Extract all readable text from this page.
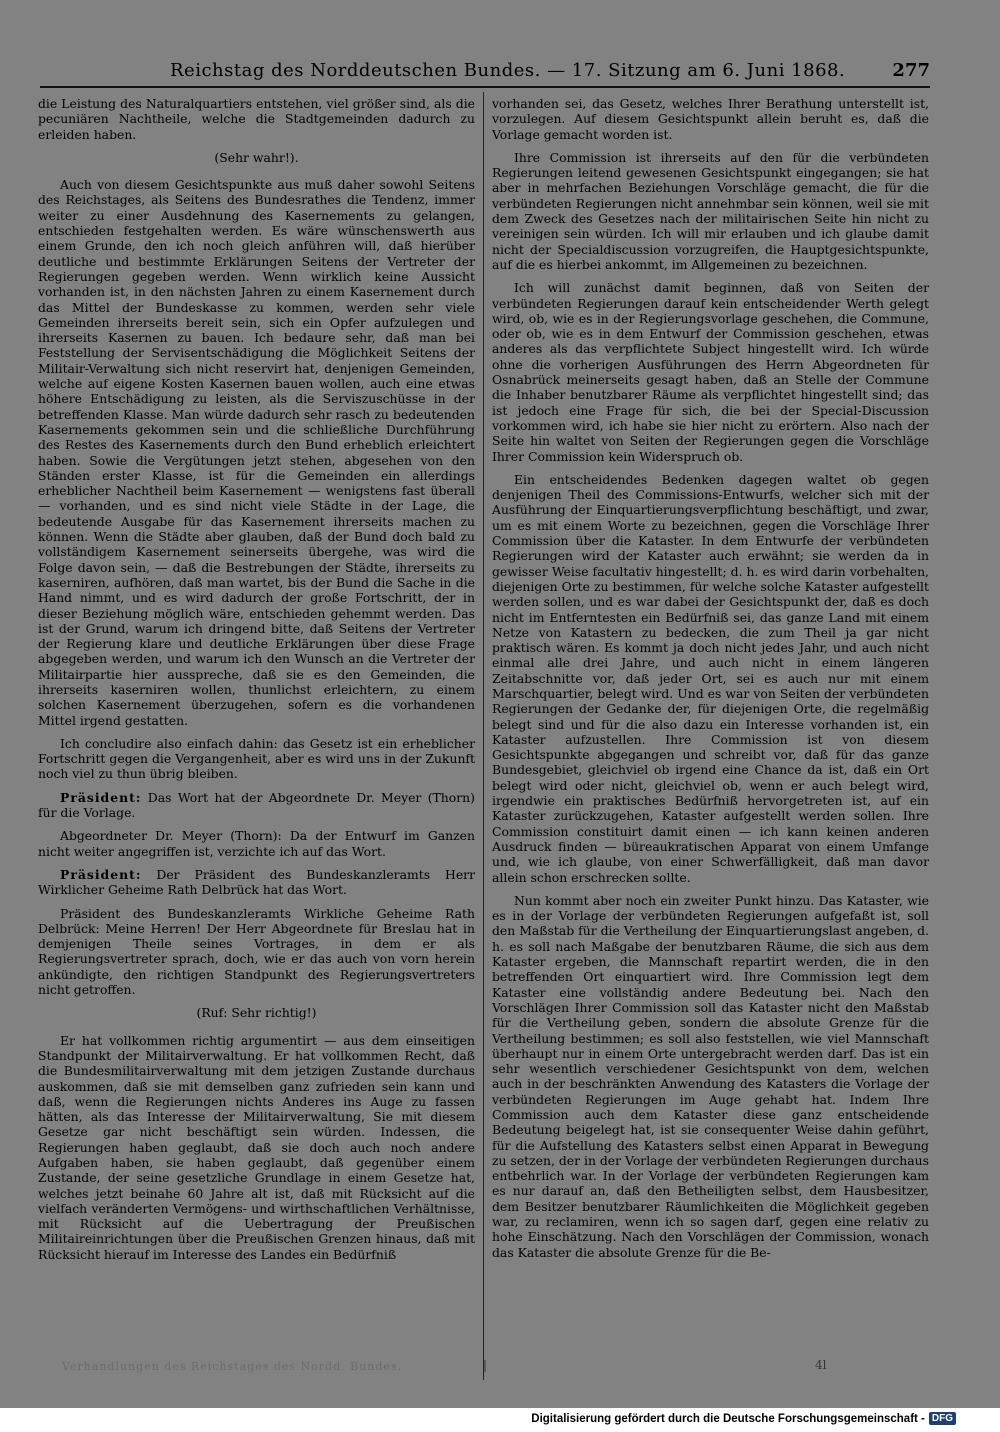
Reichstag des Norddeutschen Bundes. — 17. Sitzung am 6. Juni 1868.	277

die Leistung des Naturalquartiers entstehen, viel größer sind, als die pecuniären Nachtheile, welche die Stadtgemeinden dadurch zu erleiden haben.

(Sehr wahr!).

Auch von diesem Gesichtspunkte aus muß daher sowohl Seitens des Reichstages, als Seitens des Bundesrathes die Tendenz, immer weiter zu einer Ausdehnung des Kasernements zu gelangen, entschieden festgehalten werden. Es wäre wünschenswerth aus einem Grunde, den ich noch gleich anführen will, daß hierüber deutliche und bestimmte Erklärungen Seitens der Vertreter der Regierungen gegeben werden. Wenn wirklich keine Aussicht vorhanden ist, in den nächsten Jahren zu einem Kasernement durch das Mittel der Bundeskasse zu kommen, werden sehr viele Gemeinden ihrerseits bereit sein, sich ein Opfer aufzulegen und ihrerseits Kasernen zu bauen. Ich bedaure sehr, daß man bei Feststellung der Servisentschädigung die Möglichkeit Seitens der Militair-Verwaltung sich nicht reservirt hat, denjenigen Gemeinden, welche auf eigene Kosten Kasernen bauen wollen, auch eine etwas höhere Entschädigung zu leisten, als die Serviszuschüsse in der betreffenden Klasse. Man würde dadurch sehr rasch zu bedeutenden Kasernements gekommen sein und die schließliche Durchführung des Restes des Kasernements durch den Bund erheblich erleichtert haben. Sowie die Vergütungen jetzt stehen, abgesehen von den Ständen erster Klasse, ist für die Gemeinden ein allerdings erheblicher Nachtheil beim Kasernement — wenigstens fast überall — vorhanden, und es sind nicht viele Städte in der Lage, die bedeutende Ausgabe für das Kasernement ihrerseits machen zu können. Wenn die Städte aber glauben, daß der Bund doch bald zu vollständigem Kasernement seinerseits übergehe, was wird die Folge davon sein, — daß die Bestrebungen der Städte, ihrerseits zu kaserniren, aufhören, daß man wartet, bis der Bund die Sache in die Hand nimmt, und es wird dadurch der große Fortschritt, der in dieser Beziehung möglich wäre, entschieden gehemmt werden. Das ist der Grund, warum ich dringend bitte, daß Seitens der Vertreter der Regierung klare und deutliche Erklärungen über diese Frage abgegeben werden, und warum ich den Wunsch an die Vertreter der Militairpartie hier ausspreche, daß sie es den Gemeinden, die ihrerseits kaserniren wollen, thunlichst erleichtern, zu einem solchen Kasernement überzugehen, sofern es die vorhandenen Mittel irgend gestatten.

Ich concludire also einfach dahin: das Gesetz ist ein erheblicher Fortschritt gegen die Vergangenheit, aber es wird uns in der Zukunft noch viel zu thun übrig bleiben.

Präsident: Das Wort hat der Abgeordnete Dr. Meyer (Thorn) für die Vorlage.

Abgeordneter Dr. Meyer (Thorn): Da der Entwurf im Ganzen nicht weiter angegriffen ist, verzichte ich auf das Wort.

Präsident: Der Präsident des Bundeskanzleramts Herr Wirklicher Geheime Rath Delbrück hat das Wort.

Präsident des Bundeskanzleramts Wirkliche Geheime Rath Delbrück: Meine Herren! Der Herr Abgeordnete für Breslau hat in demjenigen Theile seines Vortrages, in dem er als Regierungsvertreter sprach, doch, wie er das auch von vorn herein ankündigte, den richtigen Standpunkt des Regierungsvertreters nicht getroffen.

(Ruf: Sehr richtig!)

Er hat vollkommen richtig argumentirt — aus dem einseitigen Standpunkt der Militairverwaltung. Er hat vollkommen Recht, daß die Bundesmilitairverwaltung mit dem jetzigen Zustande durchaus auskommen, daß sie mit demselben ganz zufrieden sein kann und daß, wenn die Regierungen nichts Anderes ins Auge zu fassen hätten, als das Interesse der Militairverwaltung, Sie mit diesem Gesetze gar nicht beschäftigt sein würden. Indessen, die Regierungen haben geglaubt, daß sie doch auch noch andere Aufgaben haben, sie haben geglaubt, daß gegenüber einem Zustande, der seine gesetzliche Grundlage in einem Gesetze hat, welches jetzt beinahe 60 Jahre alt ist, daß mit Rücksicht auf die vielfach veränderten Vermögens- und wirthschaftlichen Verhältnisse, mit Rücksicht auf die Uebertragung der Preußischen Militaireinrichtungen über die Preußischen Grenzen hinaus, daß mit Rücksicht hierauf im Interesse des Landes ein Bedürfniß

vorhanden sei, das Gesetz, welches Ihrer Berathung unterstellt ist, vorzulegen. Auf diesem Gesichtspunkt allein beruht es, daß die Vorlage gemacht worden ist.

Ihre Commission ist ihrerseits auf den für die verbündeten Regierungen leitend gewesenen Gesichtspunkt eingegangen; sie hat aber in mehrfachen Beziehungen Vorschläge gemacht, die für die verbündeten Regierungen nicht annehmbar sein können, weil sie mit dem Zweck des Gesetzes nach der militairischen Seite hin nicht zu vereinigen sein würden. Ich will mir erlauben und ich glaube damit nicht der Specialdiscussion vorzugreifen, die Hauptgesichtspunkte, auf die es hierbei ankommt, im Allgemeinen zu bezeichnen.

Ich will zunächst damit beginnen, daß von Seiten der verbündeten Regierungen darauf kein entscheidender Werth gelegt wird, ob, wie es in der Regierungsvorlage geschehen, die Commune, oder ob, wie es in dem Entwurf der Commission geschehen, etwas anderes als das verpflichtete Subject hingestellt wird. Ich würde ohne die vorherigen Ausführungen des Herrn Abgeordneten für Osnabrück meinerseits gesagt haben, daß an Stelle der Commune die Inhaber benutzbarer Räume als verpflichtet hingestellt sind; das ist jedoch eine Frage für sich, die bei der Special-Discussion vorkommen wird, ich habe sie hier nicht zu erörtern. Also nach der Seite hin waltet von Seiten der Regierungen gegen die Vorschläge Ihrer Commission kein Widerspruch ob.

Ein entscheidendes Bedenken dagegen waltet ob gegen denjenigen Theil des Commissions-Entwurfs, welcher sich mit der Ausführung der Einquartierungsverpflichtung beschäftigt, und zwar, um es mit einem Worte zu bezeichnen, gegen die Vorschläge Ihrer Commission über die Kataster. In dem Entwurfe der verbündeten Regierungen wird der Kataster auch erwähnt; sie werden da in gewisser Weise facultativ hingestellt; d. h. es wird darin vorbehalten, diejenigen Orte zu bestimmen, für welche solche Kataster aufgestellt werden sollen, und es war dabei der Gesichtspunkt der, daß es doch nicht im Entferntesten ein Bedürfniß sei, das ganze Land mit einem Netze von Katastern zu bedecken, die zum Theil ja gar nicht praktisch wären. Es kommt ja doch nicht jedes Jahr, und auch nicht einmal alle drei Jahre, und auch nicht in einem längeren Zeitabschnitte vor, daß jeder Ort, sei es auch nur mit einem Marschquartier, belegt wird. Und es war von Seiten der verbündeten Regierungen der Gedanke der, für diejenigen Orte, die regelmäßig belegt sind und für die also dazu ein Interesse vorhanden ist, ein Kataster aufzustellen. Ihre Commission ist von diesem Gesichtspunkte abgegangen und schreibt vor, daß für das ganze Bundesgebiet, gleichviel ob irgend eine Chance da ist, daß ein Ort belegt wird oder nicht, gleichviel ob, wenn er auch belegt wird, irgendwie ein praktisches Bedürfniß hervorgetreten ist, auf ein Kataster zurückzugehen, Kataster aufgestellt werden sollen. Ihre Commission constituirt damit einen — ich kann keinen anderen Ausdruck finden — büreaukratischen Apparat von einem Umfange und, wie ich glaube, von einer Schwerfälligkeit, daß man davor allein schon erschrecken sollte.

Nun kommt aber noch ein zweiter Punkt hinzu. Das Kataster, wie es in der Vorlage der verbündeten Regierungen aufgefaßt ist, soll den Maßstab für die Vertheilung der Einquartierungslast angeben, d. h. es soll nach Maßgabe der benutzbaren Räume, die sich aus dem Kataster ergeben, die Mannschaft repartirt werden, die in den betreffenden Ort einquartiert wird. Ihre Commission legt dem Kataster eine vollständig andere Bedeutung bei. Nach den Vorschlägen Ihrer Commission soll das Kataster nicht den Maßstab für die Vertheilung geben, sondern die absolute Grenze für die Vertheilung bestimmen; es soll also feststellen, wie viel Mannschaft überhaupt nur in einem Orte untergebracht werden darf. Das ist ein sehr wesentlich verschiedener Gesichtspunkt von dem, welchen auch in der beschränkten Anwendung des Katasters die Vorlage der verbündeten Regierungen im Auge gehabt hat. Indem Ihre Commission auch dem Kataster diese ganz entscheidende Bedeutung beigelegt hat, ist sie consequenter Weise dahin geführt, für die Aufstellung des Katasters selbst einen Apparat in Bewegung zu setzen, der in der Vorlage der verbündeten Regierungen durchaus entbehrlich war. In der Vorlage der verbündeten Regierungen kam es nur darauf an, daß den Betheiligten selbst, dem Hausbesitzer, dem Besitzer benutzbarer Räumlichkeiten die Möglichkeit gegeben war, zu reclamiren, wenn ich so sagen darf, gegen eine relativ zu hohe Einschätzung. Nach den Vorschlägen der Commission, wonach das Kataster die absolute Grenze für die Be-

Verhandlungen des Reichstages des Nordd. Bundes.	|	4l
Digitalisierung gefördert durch die Deutsche Forschungsgemeinschaft - DFG
